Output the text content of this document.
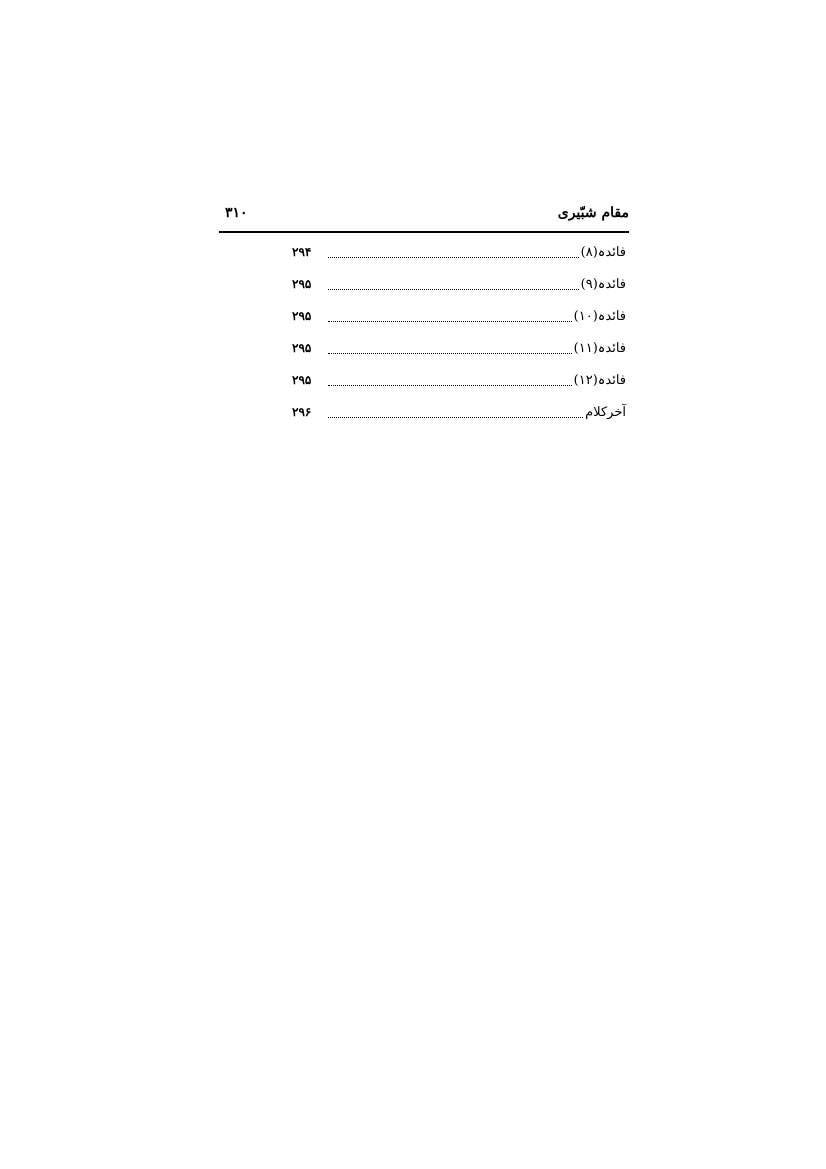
مقام شبّیری
۳۱۰
فائدہ(۸)
۲۹۴
فائدہ(۹)
۲۹۵
فائدہ(۱۰)
۲۹۵
فائدہ(۱۱)
۲۹۵
فائدہ(۱۲)
۲۹۵
آخرکلام
۲۹۶
